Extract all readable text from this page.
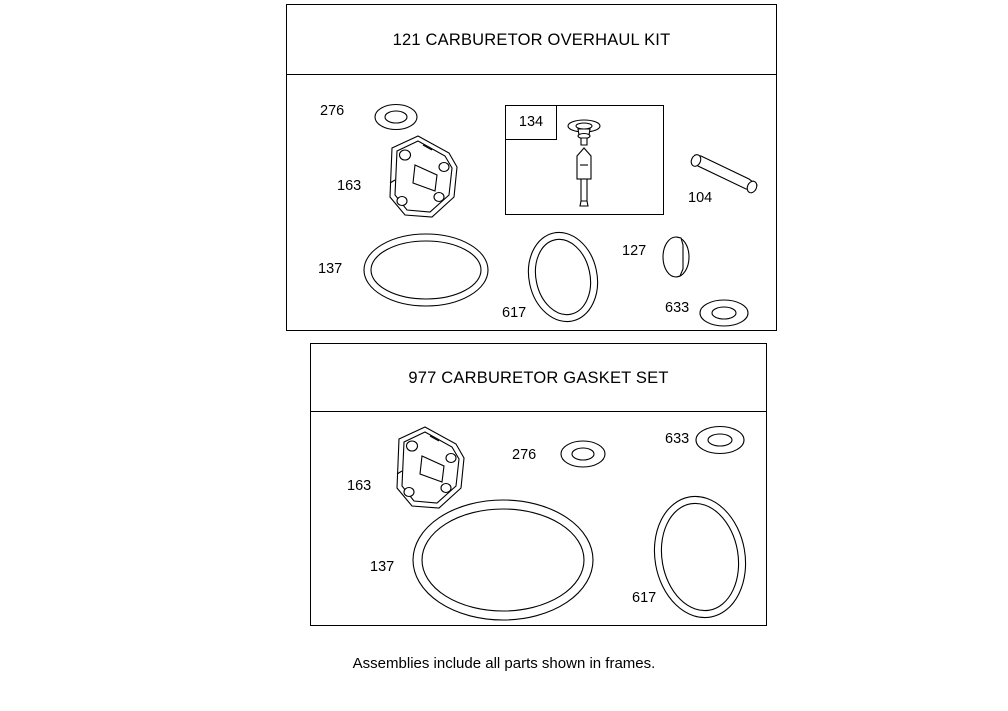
121 CARBURETOR OVERHAUL KIT
134
276
163
137
617
127
633
104
977 CARBURETOR GASKET SET
163
276
633
137
617
Assemblies include all parts shown in frames.
